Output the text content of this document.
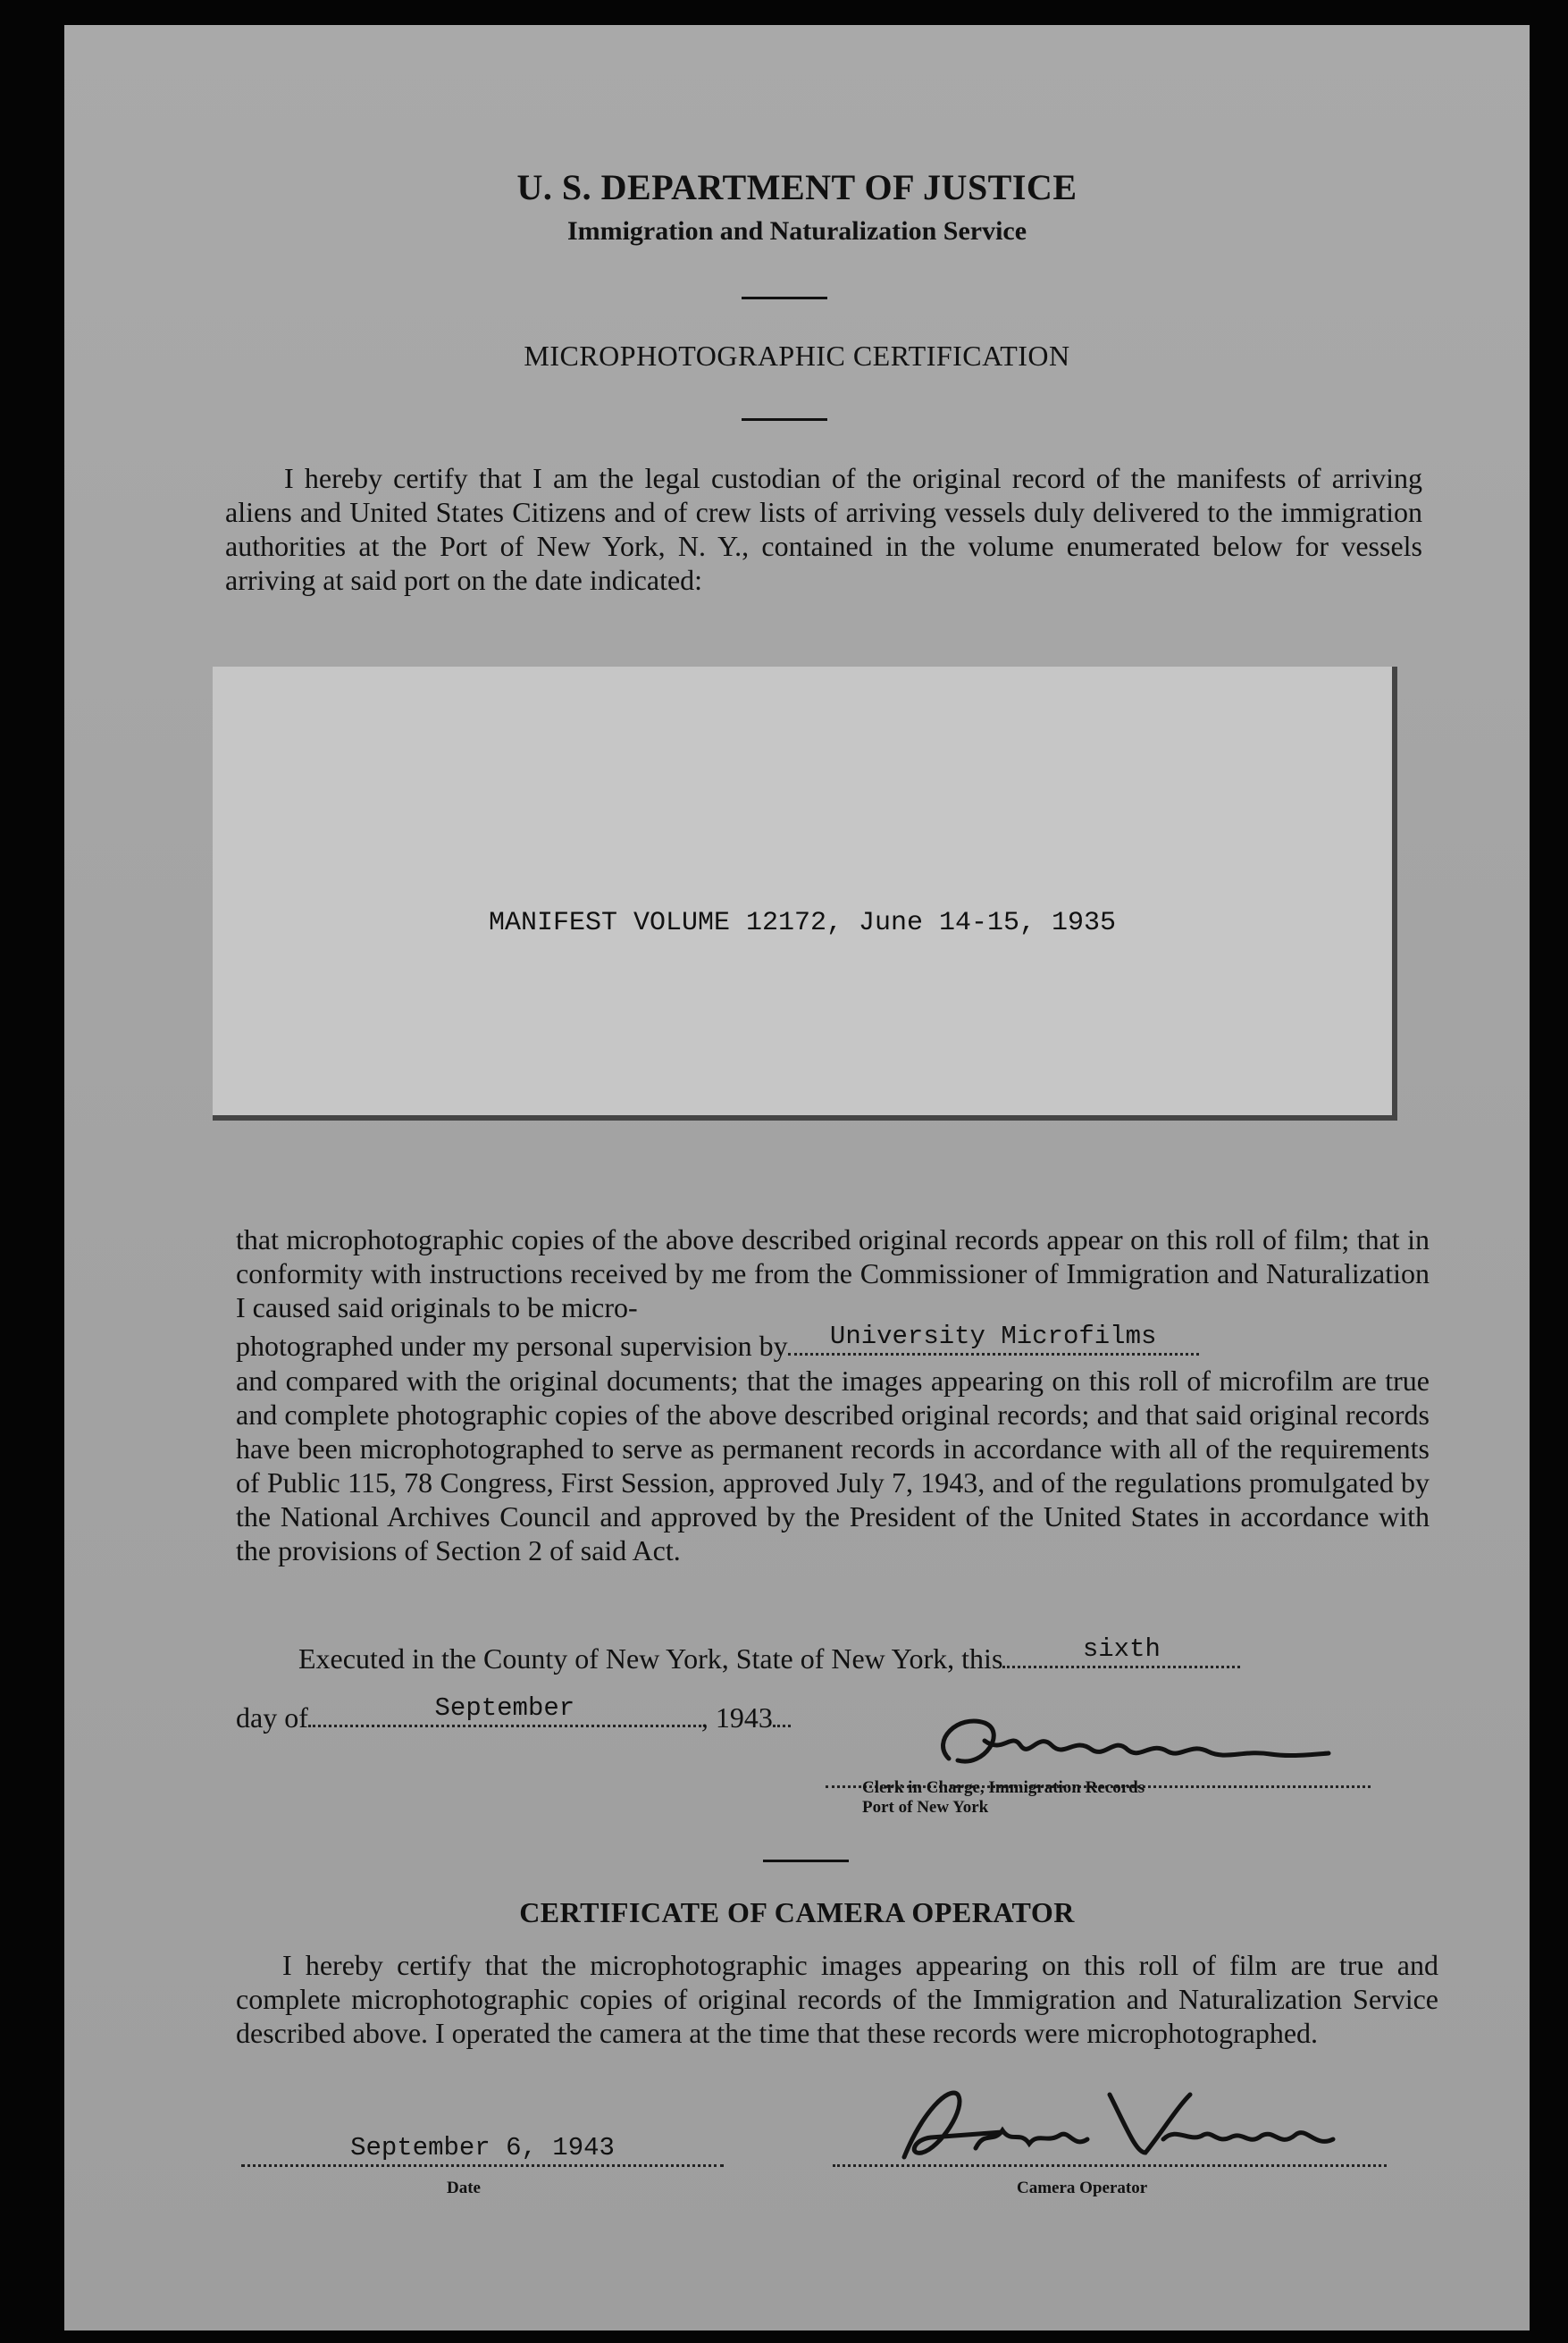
U. S. DEPARTMENT OF JUSTICE
Immigration and Naturalization Service
MICROPHOTOGRAPHIC CERTIFICATION
I hereby certify that I am the legal custodian of the original record of the manifests of arriving aliens and United States Citizens and of crew lists of arriving vessels duly delivered to the immigration authorities at the Port of New York, N. Y., contained in the volume enumerated below for vessels arriving at said port on the date indicated:
MANIFEST VOLUME 12172, June 14-15, 1935
that microphotographic copies of the above described original records appear on this roll of film; that in conformity with instructions received by me from the Commissioner of Immigration and Naturalization I caused said originals to be micro-
photographed under my personal supervision by	University Microfilms
and compared with the original documents; that the images appearing on this roll of microfilm are true and complete photographic copies of the above described original records; and that said original records have been microphotographed to serve as permanent records in accordance with all of the requirements of Public 115, 78 Congress, First Session, approved July 7, 1943, and of the regulations promulgated by the National Archives Council and approved by the President of the United States in accordance with the provisions of Section 2 of said Act.
Executed in the County of New York, State of New York, this	sixth
day of	September	, 1943
Clerk in Charge, Immigration Records
Port of New York
CERTIFICATE OF CAMERA OPERATOR
I hereby certify that the microphotographic images appearing on this roll of film are true and complete microphotographic copies of original records of the Immigration and Naturalization Service described above. I operated the camera at the time that these records were microphotographed.
September 6, 1943
Date	Camera Operator
